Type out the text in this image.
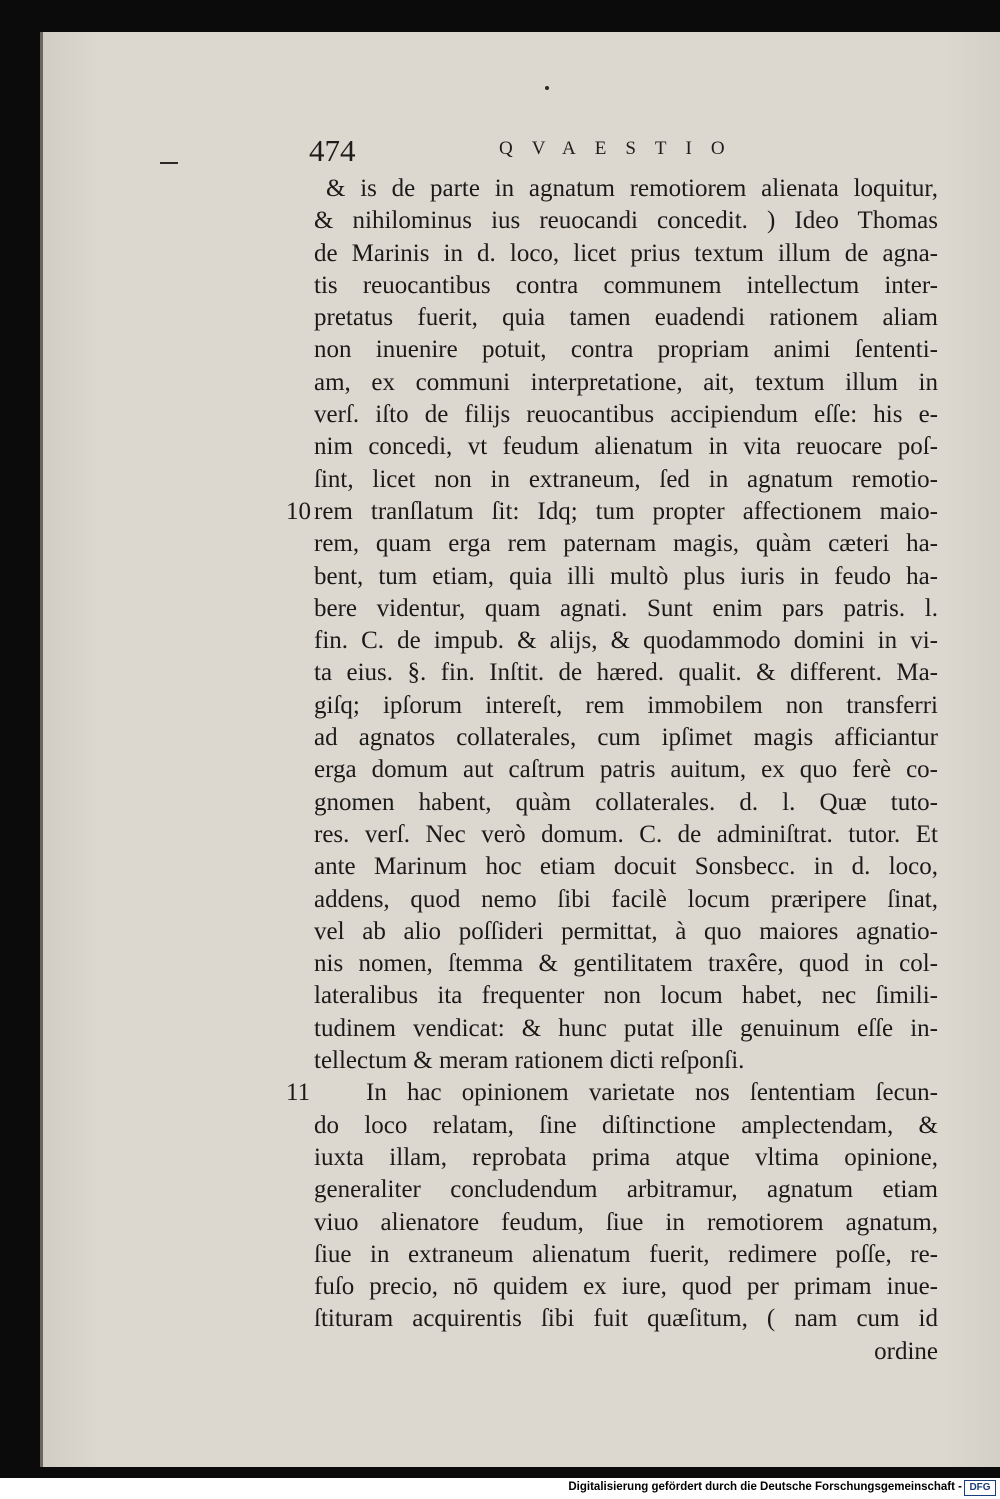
474	QVAESTIO
& is de parte in agnatum remotiorem alienata loquitur,
& nihilominus ius reuocandi concedit. ) Ideo Thomas
de Marinis in d. loco, licet prius textum illum de agna-
tis reuocantibus contra communem intellectum inter-
pretatus fuerit, quia tamen euadendi rationem aliam
non inuenire potuit, contra propriam animi ſententi-
am, ex communi interpretatione, ait, textum illum in
verſ. iſto de filijs reuocantibus accipiendum eſſe: his e-
nim concedi, vt feudum alienatum in vita reuocare poſ-
ſint, licet non in extraneum, ſed in agnatum remotio-
rem tranſlatum ſit: Idq; tum propter affectionem maio-
rem, quam erga rem paternam magis, quàm cæteri ha-
bent, tum etiam, quia illi multò plus iuris in feudo ha-
bere videntur, quam agnati. Sunt enim pars patris. l.
fin. C. de impub. & alijs, & quodammodo domini in vi-
ta eius. §. fin. Inſtit. de hæred. qualit. & different. Ma-
giſq; ipſorum intereſt, rem immobilem non transferri
ad agnatos collaterales, cum ipſimet magis afficiantur
erga domum aut caſtrum patris auitum, ex quo ferè co-
gnomen habent, quàm collaterales. d. l. Quæ tuto-
res. verſ. Nec verò domum. C. de adminiſtrat. tutor. Et
ante Marinum hoc etiam docuit Sonsbecc. in d. loco,
addens, quod nemo ſibi facilè locum præripere ſinat,
vel ab alio poſſideri permittat, à quo maiores agnatio-
nis nomen, ſtemma & gentilitatem traxêre, quod in col-
lateralibus ita frequenter non locum habet, nec ſimili-
tudinem vendicat: & hunc putat ille genuinum eſſe in-
tellectum & meram rationem dicti reſponſi.
In hac opinionem varietate nos ſententiam ſecun-
do loco relatam, ſine diſtinctione amplectendam, &
iuxta illam, reprobata prima atque vltima opinione,
generaliter concludendum arbitramur, agnatum etiam
viuo alienatore feudum, ſiue in remotiorem agnatum,
ſiue in extraneum alienatum fuerit, redimere poſſe, re-
fuſo precio, nō quidem ex iure, quod per primam inue-
ſtituram acquirentis ſibi fuit quæſitum, ( nam cum id
ordine
10
11
Digitalisierung gefördert durch die Deutsche Forschungsgemeinschaft - DFG
